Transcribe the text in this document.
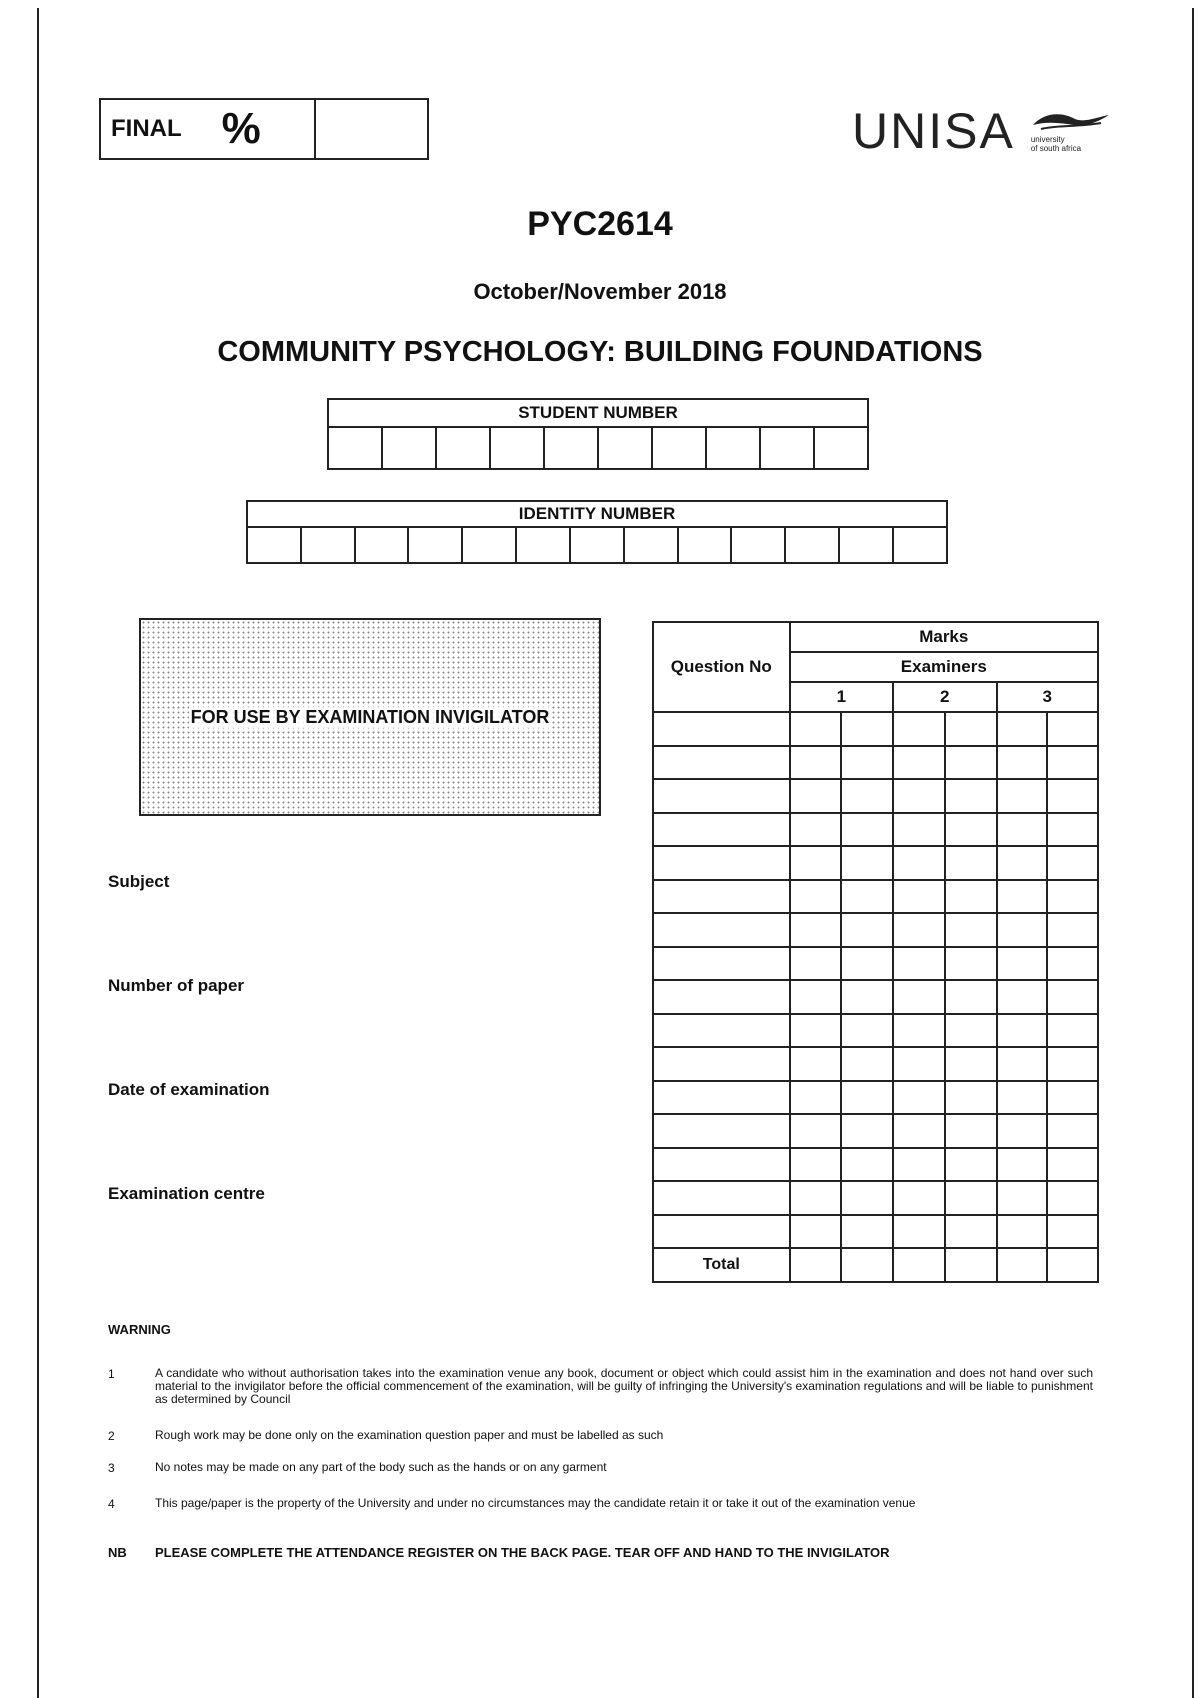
FINAL %	UNISA university
of south africa
PYC2614
October/November 2018
COMMUNITY PSYCHOLOGY: BUILDING FOUNDATIONS
STUDENT NUMBER

IDENTITY NUMBER

FOR USE BY EXAMINATION INVIGILATOR
Subject
Number of paper
Date of examination
Examination centre
Question No	Marks					
	Examiners					
	1		2		3	

Total						
WARNING
1	A candidate who without authorisation takes into the examination venue any book, document or object which could assist him in the examination and does not hand over such material to the invigilator before the official commencement of the examination, will be guilty of infringing the University's examination regulations and will be liable to punishment as determined by Council
2	Rough work may be done only on the examination question paper and must be labelled as such
3	No notes may be made on any part of the body such as the hands or on any garment
4	This page/paper is the property of the University and under no circumstances may the candidate retain it or take it out of the examination venue
NB PLEASE COMPLETE THE ATTENDANCE REGISTER ON THE BACK PAGE. TEAR OFF AND HAND TO THE INVIGILATOR
